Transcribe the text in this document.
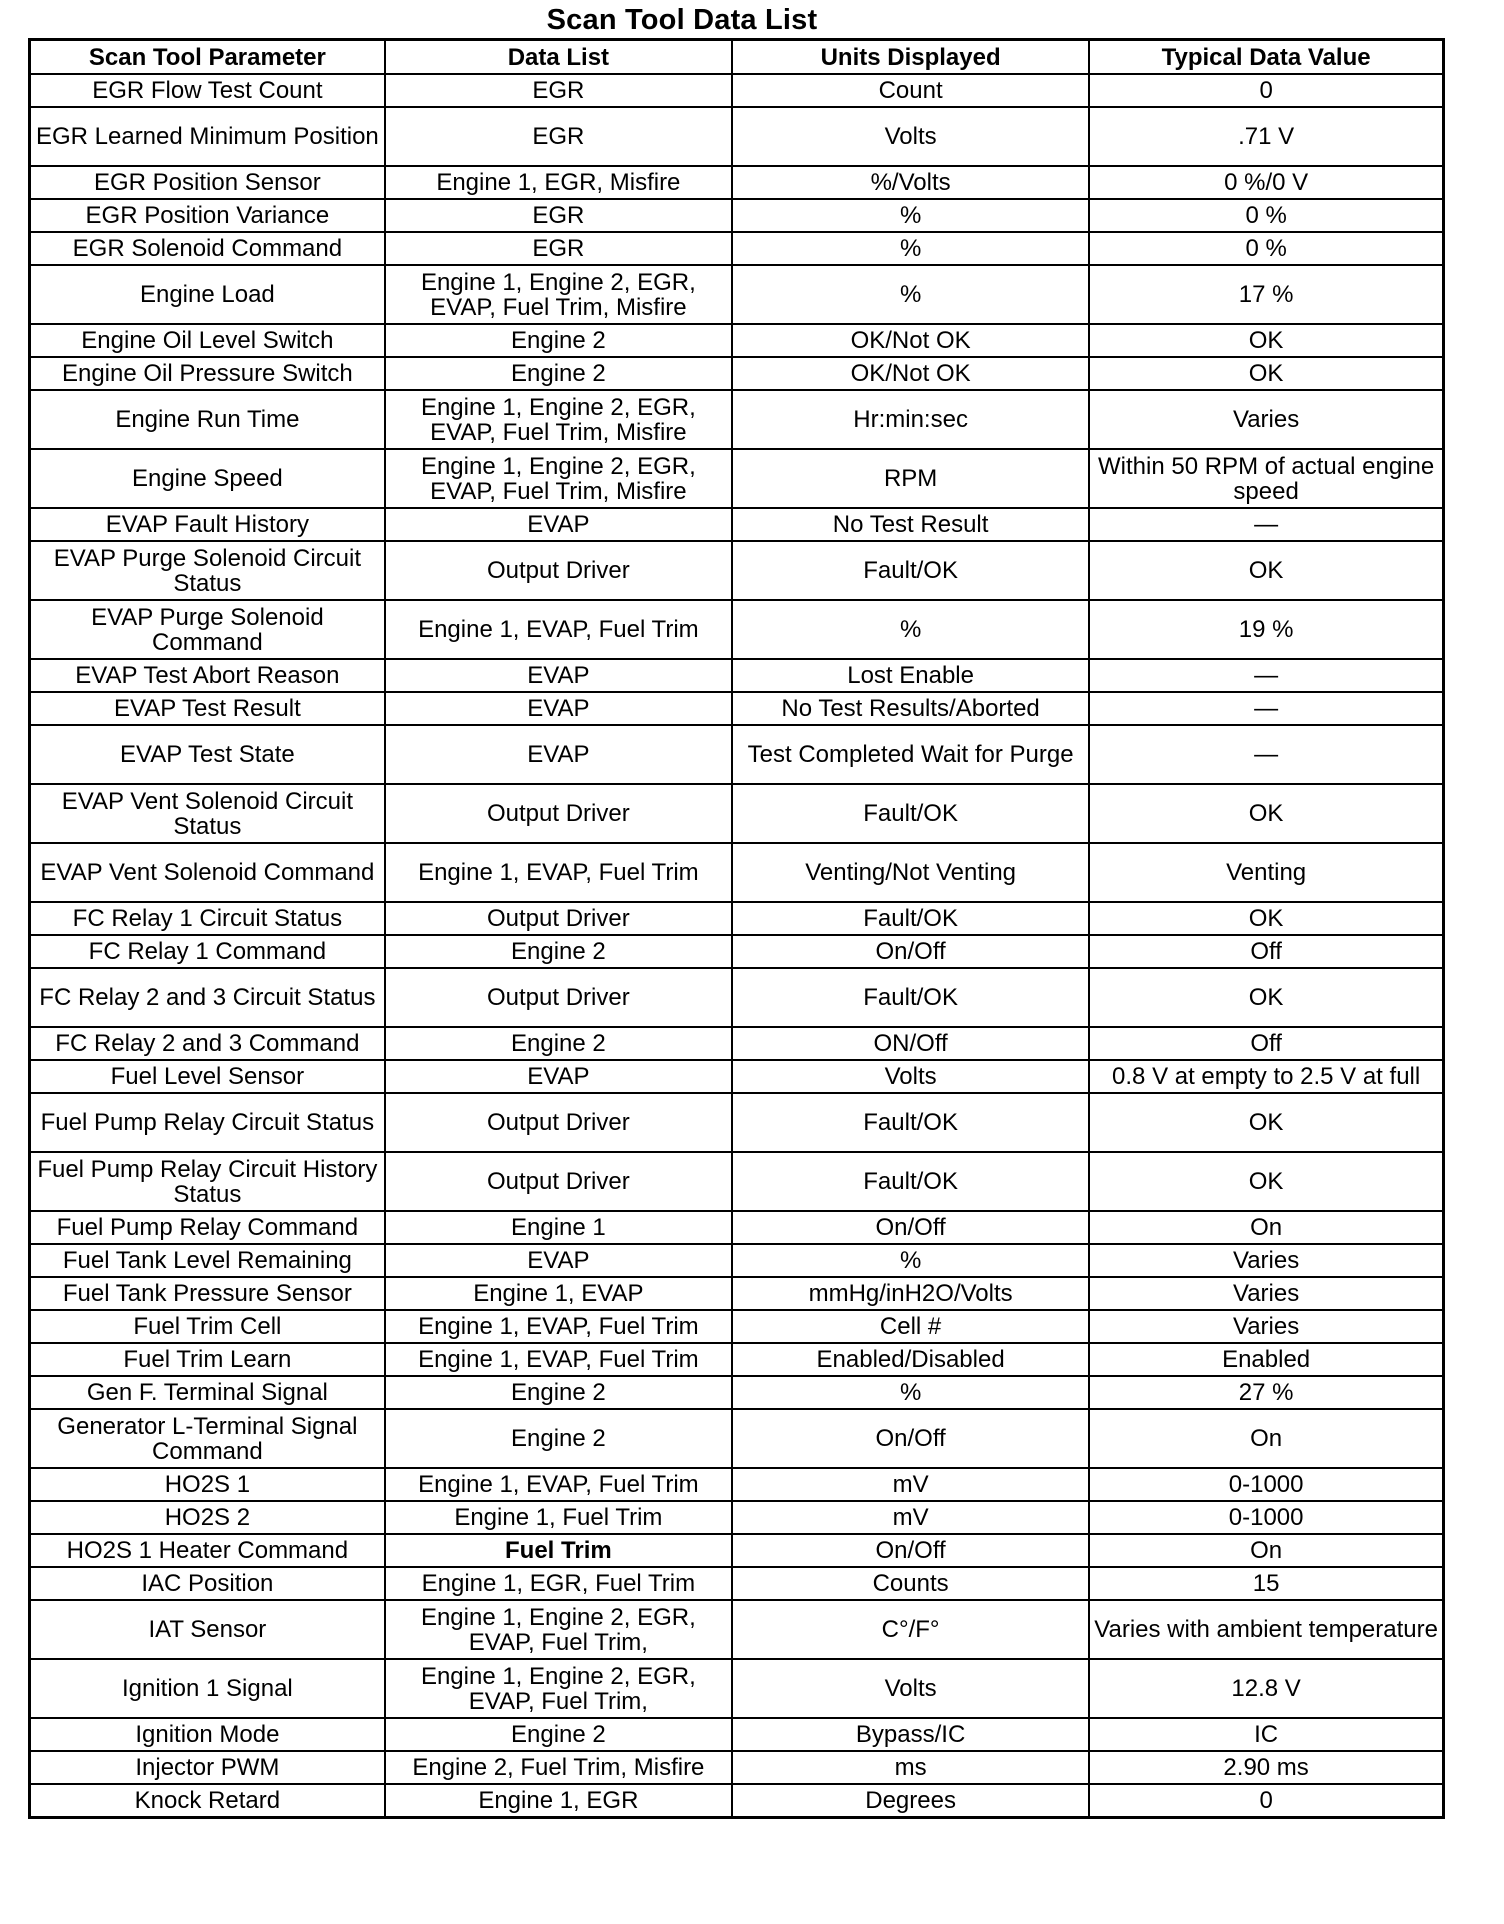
Scan Tool Data List
Scan Tool Parameter	Data List	Units Displayed	Typical Data Value
EGR Flow Test Count	EGR	Count	0
EGR Learned Minimum Position	EGR	Volts	.71 V
EGR Position Sensor	Engine 1, EGR, Misfire	%/Volts	0 %/0 V
EGR Position Variance	EGR	%	0 %
EGR Solenoid Command	EGR	%	0 %
Engine Load	Engine 1, Engine 2, EGR, EVAP, Fuel Trim, Misfire	%	17 %
Engine Oil Level Switch	Engine 2	OK/Not OK	OK
Engine Oil Pressure Switch	Engine 2	OK/Not OK	OK
Engine Run Time	Engine 1, Engine 2, EGR, EVAP, Fuel Trim, Misfire	Hr:min:sec	Varies
Engine Speed	Engine 1, Engine 2, EGR, EVAP, Fuel Trim, Misfire	RPM	Within 50 RPM of actual engine speed
EVAP Fault History	EVAP	No Test Result	—
EVAP Purge Solenoid Circuit Status	Output Driver	Fault/OK	OK
EVAP Purge Solenoid Command	Engine 1, EVAP, Fuel Trim	%	19 %
EVAP Test Abort Reason	EVAP	Lost Enable	—
EVAP Test Result	EVAP	No Test Results/Aborted	—
EVAP Test State	EVAP	Test Completed Wait for Purge	—
EVAP Vent Solenoid Circuit Status	Output Driver	Fault/OK	OK
EVAP Vent Solenoid Command	Engine 1, EVAP, Fuel Trim	Venting/Not Venting	Venting
FC Relay 1 Circuit Status	Output Driver	Fault/OK	OK
FC Relay 1 Command	Engine 2	On/Off	Off
FC Relay 2 and 3 Circuit Status	Output Driver	Fault/OK	OK
FC Relay 2 and 3 Command	Engine 2	ON/Off	Off
Fuel Level Sensor	EVAP	Volts	0.8 V at empty to 2.5 V at full
Fuel Pump Relay Circuit Status	Output Driver	Fault/OK	OK
Fuel Pump Relay Circuit History Status	Output Driver	Fault/OK	OK
Fuel Pump Relay Command	Engine 1	On/Off	On
Fuel Tank Level Remaining	EVAP	%	Varies
Fuel Tank Pressure Sensor	Engine 1, EVAP	mmHg/inH2O/Volts	Varies
Fuel Trim Cell	Engine 1, EVAP, Fuel Trim	Cell #	Varies
Fuel Trim Learn	Engine 1, EVAP, Fuel Trim	Enabled/Disabled	Enabled
Gen F. Terminal Signal	Engine 2	%	27 %
Generator L-Terminal Signal Command	Engine 2	On/Off	On
HO2S 1	Engine 1, EVAP, Fuel Trim	mV	0-1000
HO2S 2	Engine 1, Fuel Trim	mV	0-1000
HO2S 1 Heater Command	Fuel Trim	On/Off	On
IAC Position	Engine 1, EGR, Fuel Trim	Counts	15
IAT Sensor	Engine 1, Engine 2, EGR, EVAP, Fuel Trim,	C°/F°	Varies with ambient temperature
Ignition 1 Signal	Engine 1, Engine 2, EGR, EVAP, Fuel Trim,	Volts	12.8 V
Ignition Mode	Engine 2	Bypass/IC	IC
Injector PWM	Engine 2, Fuel Trim, Misfire	ms	2.90 ms
Knock Retard	Engine 1, EGR	Degrees	0
